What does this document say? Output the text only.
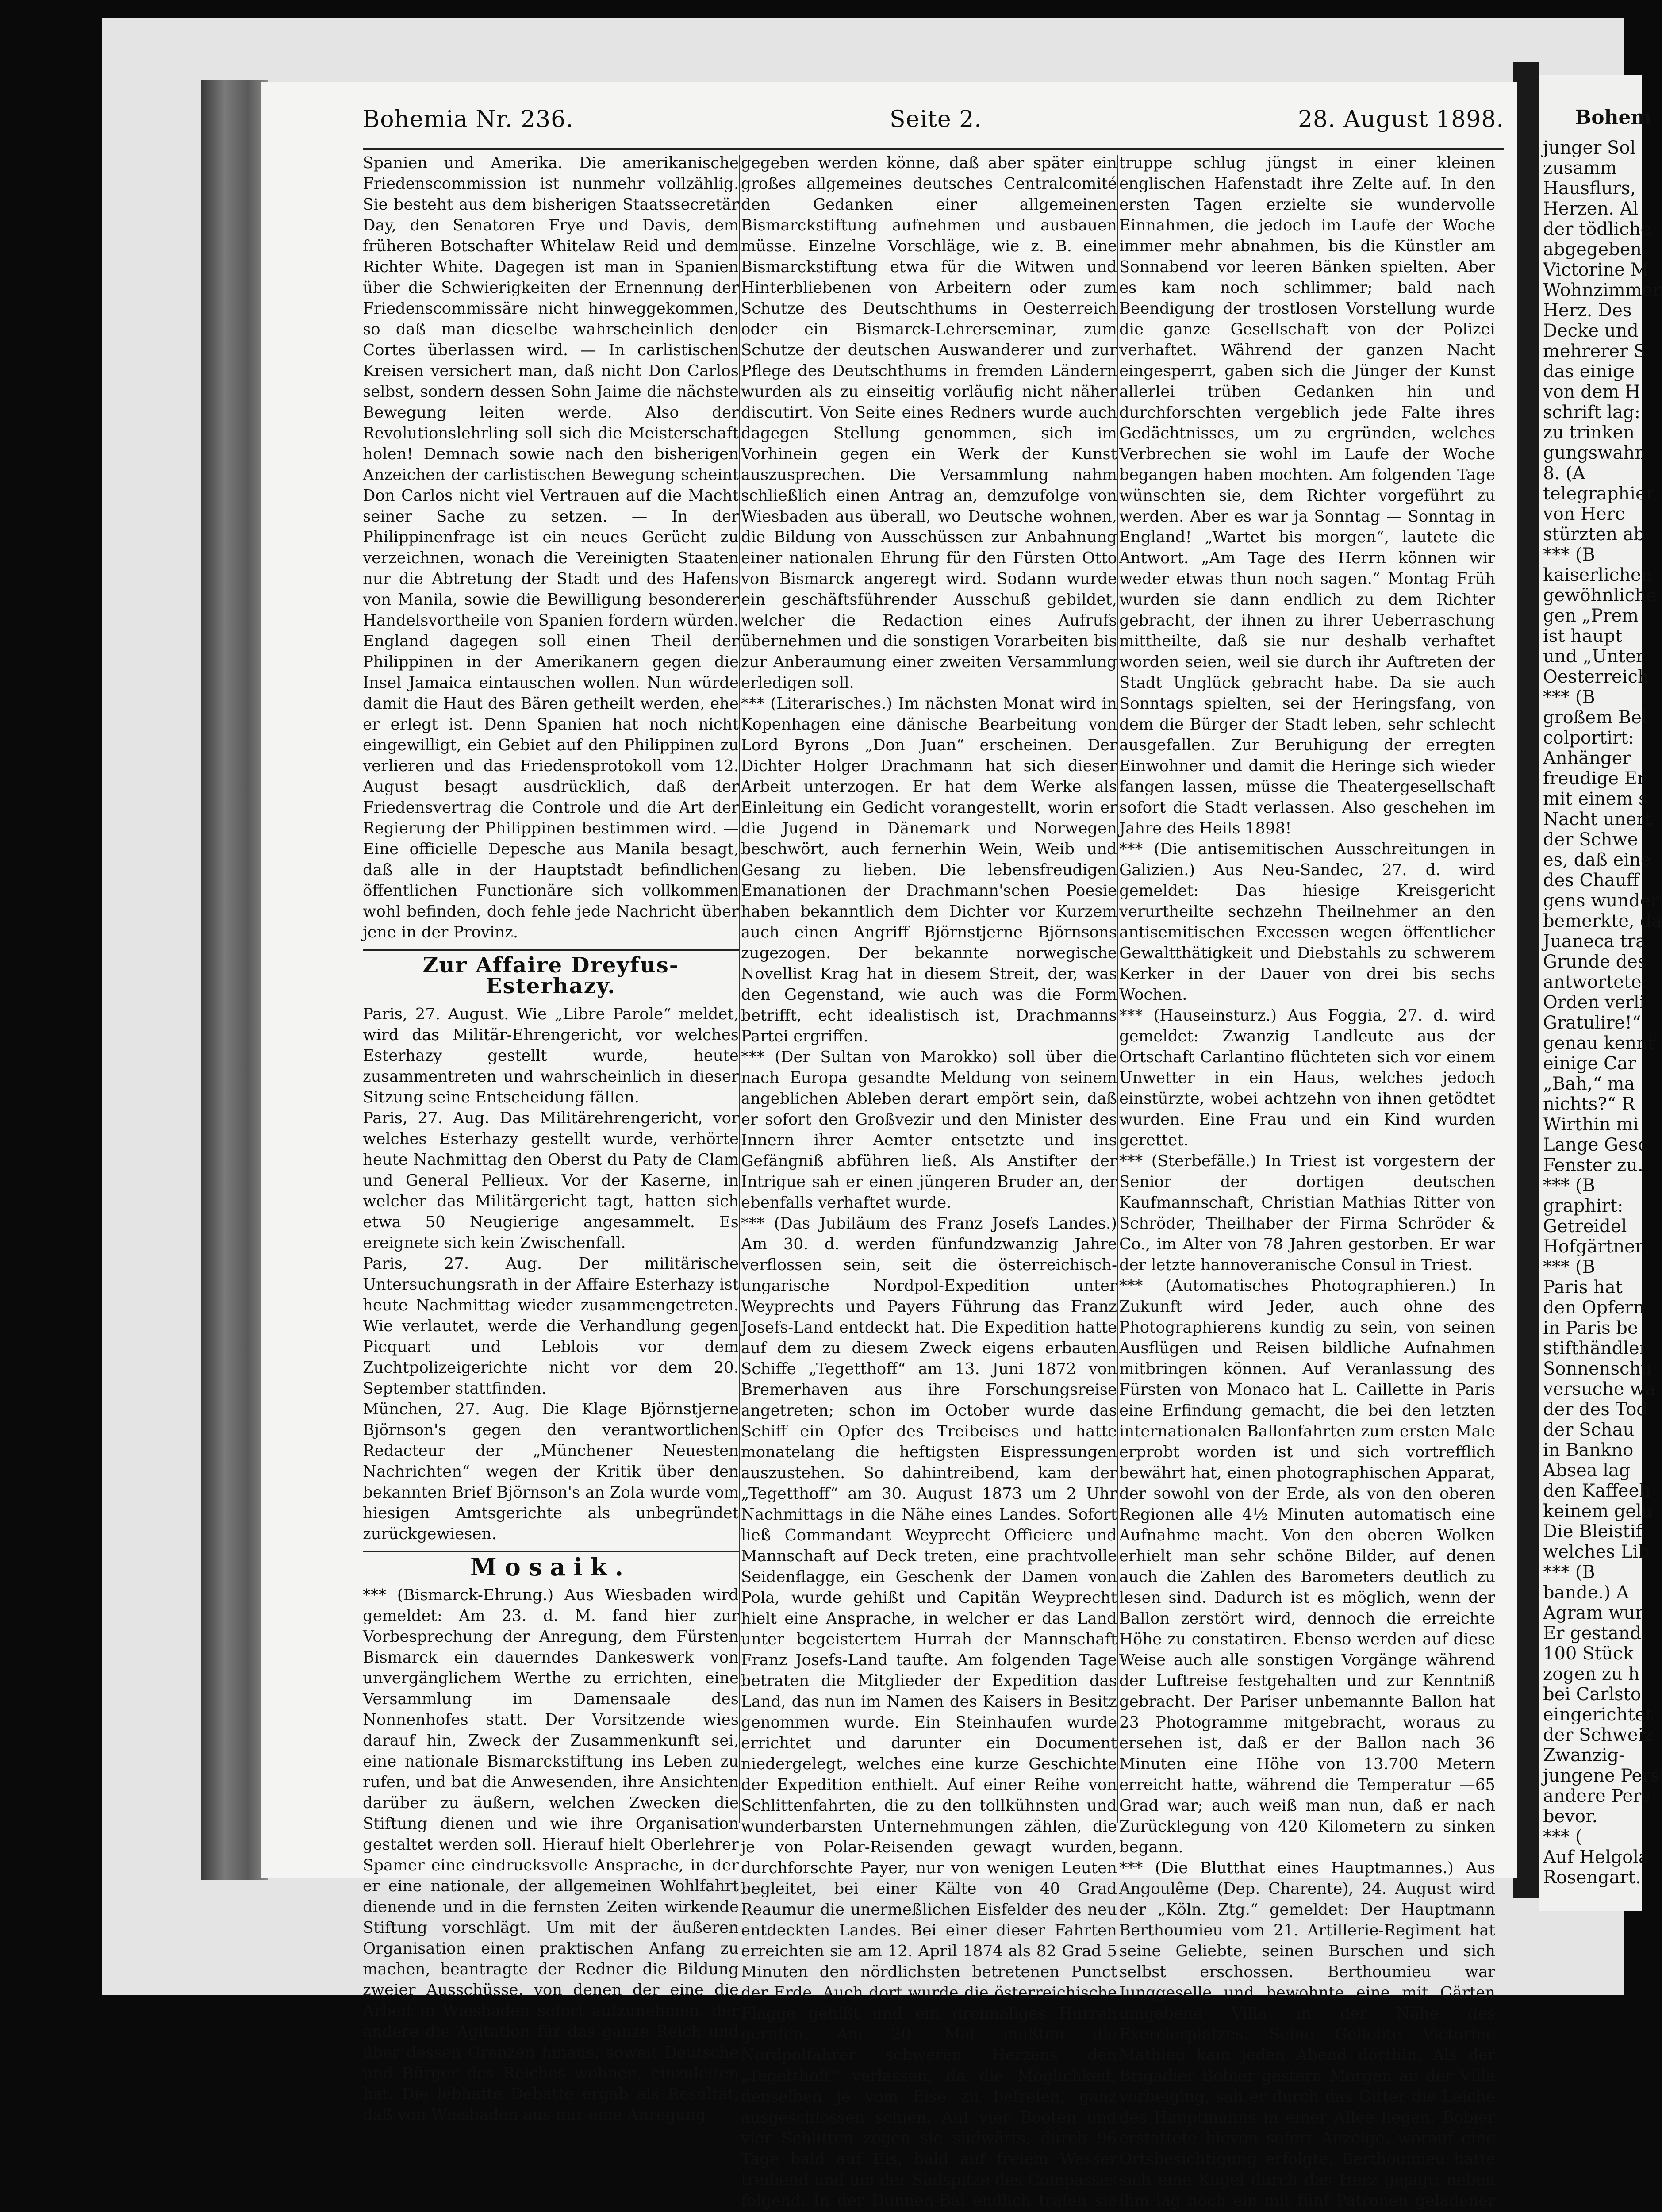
Bohemia Nr. 236.	Seite 2.	28. August 1898.

Spanien und Amerika. Die amerikanische Friedenscommission ist nunmehr vollzählig. Sie besteht aus dem bisherigen Staatssecretär Day, den Senatoren Frye und Davis, dem früheren Botschafter Whitelaw Reid und dem Richter White. Dagegen ist man in Spanien über die Schwierigkeiten der Ernennung der Friedenscommissäre nicht hinweggekommen, so daß man dieselbe wahrscheinlich den Cortes überlassen wird. — In carlistischen Kreisen versichert man, daß nicht Don Carlos selbst, sondern dessen Sohn Jaime die nächste Bewegung leiten werde. Also der Revolutionslehrling soll sich die Meisterschaft holen! Demnach sowie nach den bisherigen Anzeichen der carlistischen Bewegung scheint Don Carlos nicht viel Vertrauen auf die Macht seiner Sache zu setzen. — In der Philippinenfrage ist ein neues Gerücht zu verzeichnen, wonach die Vereinigten Staaten nur die Abtretung der Stadt und des Hafens von Manila, sowie die Bewilligung besonderer Handelsvortheile von Spanien fordern würden. England dagegen soll einen Theil der Philippinen in der Amerikanern gegen die Insel Jamaica eintauschen wollen. Nun würde damit die Haut des Bären getheilt werden, ehe er erlegt ist. Denn Spanien hat noch nicht eingewilligt, ein Gebiet auf den Philippinen zu verlieren und das Friedensprotokoll vom 12. August besagt ausdrücklich, daß der Friedensvertrag die Controle und die Art der Regierung der Philippinen bestimmen wird. — Eine officielle Depesche aus Manila besagt, daß alle in der Hauptstadt befindlichen öffentlichen Functionäre sich vollkommen wohl befinden, doch fehle jede Nachricht über jene in der Provinz.

Zur Affaire Dreyfus-Esterhazy.

Paris, 27. August. Wie „Libre Parole“ meldet, wird das Militär-Ehrengericht, vor welches Esterhazy gestellt wurde, heute zusammentreten und wahrscheinlich in dieser Sitzung seine Entscheidung fällen.

Paris, 27. Aug. Das Militärehrengericht, vor welches Esterhazy gestellt wurde, verhörte heute Nachmittag den Oberst du Paty de Clam und General Pellieux. Vor der Kaserne, in welcher das Militärgericht tagt, hatten sich etwa 50 Neugierige angesammelt. Es ereignete sich kein Zwischenfall.

Paris, 27. Aug. Der militärische Untersuchungsrath in der Affaire Esterhazy ist heute Nachmittag wieder zusammengetreten. Wie verlautet, werde die Verhandlung gegen Picquart und Leblois vor dem Zuchtpolizeigerichte nicht vor dem 20. September stattfinden.

München, 27. Aug. Die Klage Björnstjerne Björnson's gegen den verantwortlichen Redacteur der „Münchener Neuesten Nachrichten“ wegen der Kritik über den bekannten Brief Björnson's an Zola wurde vom hiesigen Amtsgerichte als unbegründet zurückgewiesen.

Mosaik.

*** (Bismarck-Ehrung.) Aus Wiesbaden wird gemeldet: Am 23. d. M. fand hier zur Vorbesprechung der Anregung, dem Fürsten Bismarck ein dauerndes Dankeswerk von unvergänglichem Werthe zu errichten, eine Versammlung im Damensaale des Nonnenhofes statt. Der Vorsitzende wies darauf hin, Zweck der Zusammenkunft sei, eine nationale Bismarckstiftung ins Leben zu rufen, und bat die Anwesenden, ihre Ansichten darüber zu äußern, welchen Zwecken die Stiftung dienen und wie ihre Organisation gestaltet werden soll. Hierauf hielt Oberlehrer Spamer eine eindrucksvolle Ansprache, in der er eine nationale, der allgemeinen Wohlfahrt dienende und in die fernsten Zeiten wirkende Stiftung vorschlägt. Um mit der äußeren Organisation einen praktischen Anfang zu machen, beantragte der Redner die Bildung zweier Ausschüsse, von denen der eine die Arbeit in Wiesbaden sofort aufzunehmen, der andere die Agitation für das ganze Reich und über dessen Grenzen hinaus, soweit Deutsche und Bürger des Reiches wohnen, einzuleiten hat. Die lebhafte Debatte ergab als Resultat, daß von Wiesbaden aus nur eine Anregung

gegeben werden könne, daß aber später ein großes allgemeines deutsches Centralcomité den Gedanken einer allgemeinen Bismarckstiftung aufnehmen und ausbauen müsse. Einzelne Vorschläge, wie z. B. eine Bismarckstiftung etwa für die Witwen und Hinterbliebenen von Arbeitern oder zum Schutze des Deutschthums in Oesterreich oder ein Bismarck-Lehrerseminar, zum Schutze der deutschen Auswanderer und zur Pflege des Deutschthums in fremden Ländern wurden als zu einseitig vorläufig nicht näher discutirt. Von Seite eines Redners wurde auch dagegen Stellung genommen, sich im Vorhinein gegen ein Werk der Kunst auszusprechen. Die Versammlung nahm schließlich einen Antrag an, demzufolge von Wiesbaden aus überall, wo Deutsche wohnen, die Bildung von Ausschüssen zur Anbahnung einer nationalen Ehrung für den Fürsten Otto von Bismarck angeregt wird. Sodann wurde ein geschäftsführender Ausschuß gebildet, welcher die Redaction eines Aufrufs übernehmen und die sonstigen Vorarbeiten bis zur Anberaumung einer zweiten Versammlung erledigen soll.

*** (Literarisches.) Im nächsten Monat wird in Kopenhagen eine dänische Bearbeitung von Lord Byrons „Don Juan“ erscheinen. Der Dichter Holger Drachmann hat sich dieser Arbeit unterzogen. Er hat dem Werke als Einleitung ein Gedicht vorangestellt, worin er die Jugend in Dänemark und Norwegen beschwört, auch fernerhin Wein, Weib und Gesang zu lieben. Die lebensfreudigen Emanationen der Drachmann'schen Poesie haben bekanntlich dem Dichter vor Kurzem auch einen Angriff Björnstjerne Björnsons zugezogen. Der bekannte norwegische Novellist Krag hat in diesem Streit, der, was den Gegenstand, wie auch was die Form betrifft, echt idealistisch ist, Drachmanns Partei ergriffen.

*** (Der Sultan von Marokko) soll über die nach Europa gesandte Meldung von seinem angeblichen Ableben derart empört sein, daß er sofort den Großvezir und den Minister des Innern ihrer Aemter entsetzte und ins Gefängniß abführen ließ. Als Anstifter der Intrigue sah er einen jüngeren Bruder an, der ebenfalls verhaftet wurde.

*** (Das Jubiläum des Franz Josefs Landes.) Am 30. d. werden fünfundzwanzig Jahre verflossen sein, seit die österreichisch-ungarische Nordpol-Expedition unter Weyprechts und Payers Führung das Franz Josefs-Land entdeckt hat. Die Expedition hatte auf dem zu diesem Zweck eigens erbauten Schiffe „Tegetthoff“ am 13. Juni 1872 von Bremerhaven aus ihre Forschungsreise angetreten; schon im October wurde das Schiff ein Opfer des Treibeises und hatte monatelang die heftigsten Eispressungen auszustehen. So dahintreibend, kam der „Tegetthoff“ am 30. August 1873 um 2 Uhr Nachmittags in die Nähe eines Landes. Sofort ließ Commandant Weyprecht Officiere und Mannschaft auf Deck treten, eine prachtvolle Seidenflagge, ein Geschenk der Damen von Pola, wurde gehißt und Capitän Weyprecht hielt eine Ansprache, in welcher er das Land unter begeistertem Hurrah der Mannschaft Franz Josefs-Land taufte. Am folgenden Tage betraten die Mitglieder der Expedition das Land, das nun im Namen des Kaisers in Besitz genommen wurde. Ein Steinhaufen wurde errichtet und darunter ein Document niedergelegt, welches eine kurze Geschichte der Expedition enthielt. Auf einer Reihe von Schlittenfahrten, die zu den tollkühnsten und wunderbarsten Unternehmungen zählen, die je von Polar-Reisenden gewagt wurden, durchforschte Payer, nur von wenigen Leuten begleitet, bei einer Kälte von 40 Grad Reaumur die unermeßlichen Eisfelder des neu entdeckten Landes. Bei einer dieser Fahrten erreichten sie am 12. April 1874 als 82 Grad 5 Minuten den nördlichsten betretenen Punct der Erde. Auch dort wurde die österreichische Flagge gehißt und ein dreimaliges Hurrah gerufen. Am 20. Mai mußten die Nordpolfahrer schweren Herzens den „Tegetthoff“ verlassen, da die Möglichkeit, denselben je vom Eise zu befreien, ganz ausgeschlossen schien. Auf vier Booten und vier Schlitten zogen sie südwärts, durch 96 Tage bald auf Eis, bald auf freiem Wasser treibend und um der Südspitze des Compasses folgend. In der Dunnen-Bai endlich trafen sie

truppe schlug jüngst in einer kleinen englischen Hafenstadt ihre Zelte auf. In den ersten Tagen erzielte sie wundervolle Einnahmen, die jedoch im Laufe der Woche immer mehr abnahmen, bis die Künstler am Sonnabend vor leeren Bänken spielten. Aber es kam noch schlimmer; bald nach Beendigung der trostlosen Vorstellung wurde die ganze Gesellschaft von der Polizei verhaftet. Während der ganzen Nacht eingesperrt, gaben sich die Jünger der Kunst allerlei trüben Gedanken hin und durchforschten vergeblich jede Falte ihres Gedächtnisses, um zu ergründen, welches Verbrechen sie wohl im Laufe der Woche begangen haben mochten. Am folgenden Tage wünschten sie, dem Richter vorgeführt zu werden. Aber es war ja Sonntag — Sonntag in England! „Wartet bis morgen“, lautete die Antwort. „Am Tage des Herrn können wir weder etwas thun noch sagen.“ Montag Früh wurden sie dann endlich zu dem Richter gebracht, der ihnen zu ihrer Ueberraschung mittheilte, daß sie nur deshalb verhaftet worden seien, weil sie durch ihr Auftreten der Stadt Unglück gebracht habe. Da sie auch Sonntags spielten, sei der Heringsfang, von dem die Bürger der Stadt leben, sehr schlecht ausgefallen. Zur Beruhigung der erregten Einwohner und damit die Heringe sich wieder fangen lassen, müsse die Theatergesellschaft sofort die Stadt verlassen. Also geschehen im Jahre des Heils 1898!

*** (Die antisemitischen Ausschreitungen in Galizien.) Aus Neu-Sandec, 27. d. wird gemeldet: Das hiesige Kreisgericht verurtheilte sechzehn Theilnehmer an den antisemitischen Excessen wegen öffentlicher Gewaltthätigkeit und Diebstahls zu schwerem Kerker in der Dauer von drei bis sechs Wochen.

*** (Hauseinsturz.) Aus Foggia, 27. d. wird gemeldet: Zwanzig Landleute aus der Ortschaft Carlantino flüchteten sich vor einem Unwetter in ein Haus, welches jedoch einstürzte, wobei achtzehn von ihnen getödtet wurden. Eine Frau und ein Kind wurden gerettet.

*** (Sterbefälle.) In Triest ist vorgestern der Senior der dortigen deutschen Kaufmannschaft, Christian Mathias Ritter von Schröder, Theilhaber der Firma Schröder & Co., im Alter von 78 Jahren gestorben. Er war der letzte hannoveranische Consul in Triest.

*** (Automatisches Photographieren.) In Zukunft wird Jeder, auch ohne des Photographierens kundig zu sein, von seinen Ausflügen und Reisen bildliche Aufnahmen mitbringen können. Auf Veranlassung des Fürsten von Monaco hat L. Caillette in Paris eine Erfindung gemacht, die bei den letzten internationalen Ballonfahrten zum ersten Male erprobt worden ist und sich vortrefflich bewährt hat, einen photographischen Apparat, der sowohl von der Erde, als von den oberen Regionen alle 4½ Minuten automatisch eine Aufnahme macht. Von den oberen Wolken erhielt man sehr schöne Bilder, auf denen auch die Zahlen des Barometers deutlich zu lesen sind. Dadurch ist es möglich, wenn der Ballon zerstört wird, dennoch die erreichte Höhe zu constatiren. Ebenso werden auf diese Weise auch alle sonstigen Vorgänge während der Luftreise festgehalten und zur Kenntniß gebracht. Der Pariser unbemannte Ballon hat 23 Photogramme mitgebracht, woraus zu ersehen ist, daß er der Ballon nach 36 Minuten eine Höhe von 13.700 Metern erreicht hatte, während die Temperatur —65 Grad war; auch weiß man nun, daß er nach Zurücklegung von 420 Kilometern zu sinken begann.

*** (Die Blutthat eines Hauptmannes.) Aus Angoulême (Dep. Charente), 24. August wird der „Köln. Ztg.“ gemeldet: Der Hauptmann Berthoumieu vom 21. Artillerie-Regiment hat seine Geliebte, seinen Burschen und sich selbst erschossen. Berthoumieu war Junggeselle und bewohnte eine mit Gärten umgebene Villa in der Nähe des Exercierplatzes. Seine Geliebte Victorine Mathieu kam jeden Abend dorthin. Als der Brigadier Bobier gestern Morgen an der Villa vorbeiging, sah er durch das Gitter die Leiche des Hauptmanns in einer Allee liegen. Bobier erstattete hievon sofort Anzeige, worauf eine Ortsbesichtigung erfolgte. Berthoumieu hatte sich eine Kugel durch das Herz gejagt; neben ihm lag noch ein mit fünf Patronen geladener

Bohem
junger Sol
zusamm
Hausflurs,
Herzen. Al
der tödliche
abgegeben
Victorine M
Wohnzimmer
Herz. Des
Decke und
mehrerer S
das einige
von dem H
schrift lag:
zu trinken
gungswahn
8. (A
telegraphier
von Herc
stürzten ab.
*** (B
kaiserlichen
gewöhnliche
gen „Prem
ist haupt
und „Unter
Oesterreich
*** (B
großem Bel
colportirt:
Anhänger
freudige Er
mit einem s
Nacht unert
der Schwe
es, daß eine
des Chauff
gens wunder
bemerkte, da
Juaneca tra
Grunde des
antwortete:
Orden verli
Gratulire!“
genau kennt
einige Car
„Bah,“ ma
nichts?“ R
Wirthin mi
Lange Gesc
Fenster zu.
*** (B
graphirt:
Getreidel
Hofgärtner
*** (B
Paris hat
den Opfern
in Paris be
stifthändler
Sonnenschu
versuche wa
der des Tod
der Schau
in Bankno
Absea lag
den Kaffeeh
keinem gelu
Die Bleistif
welches Lib
*** (B
bande.) A
Agram wur
Er gestand,
100 Stück
zogen zu h
bei Carlsto
eingerichtet
der Schweiz
Zwanzig-
jungene Pers
andere Pers
bevor.
*** (
Auf Helgola
Rosengart.
